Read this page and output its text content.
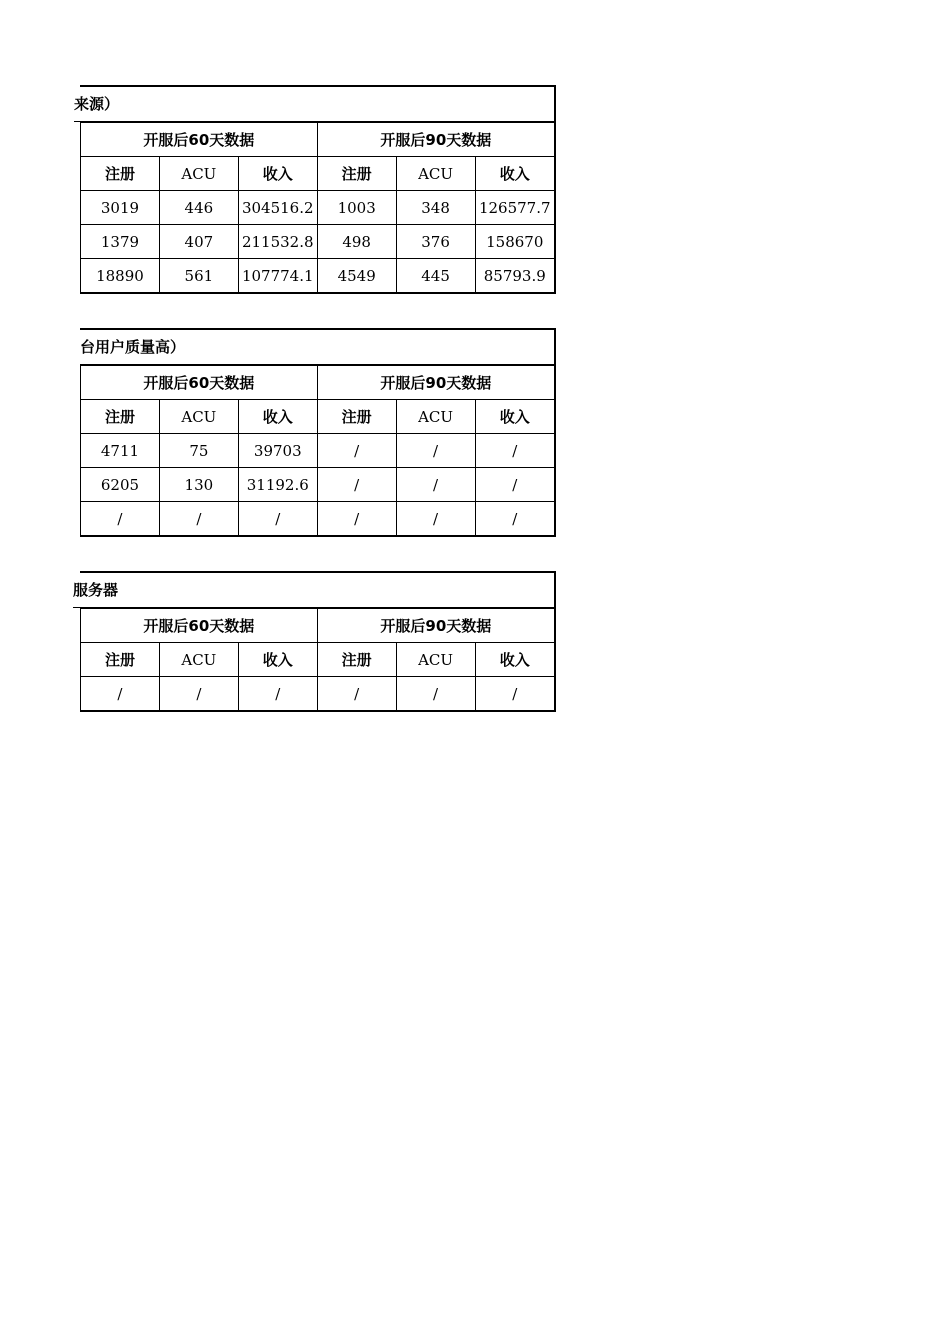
来源）
开服后60天数据			开服后90天数据		
注册	ACU	收入	注册	ACU	收入
3019	446	304516.2	1003	348	126577.7
1379	407	211532.8	498	376	158670
18890	561	107774.1	4549	445	85793.9
台用户质量高）
开服后60天数据			开服后90天数据		
注册	ACU	收入	注册	ACU	收入
4711	75	39703	/	/	/
6205	130	31192.6	/	/	/
/	/	/	/	/	/
服务器
开服后60天数据			开服后90天数据		
注册	ACU	收入	注册	ACU	收入
/	/	/	/	/	/
